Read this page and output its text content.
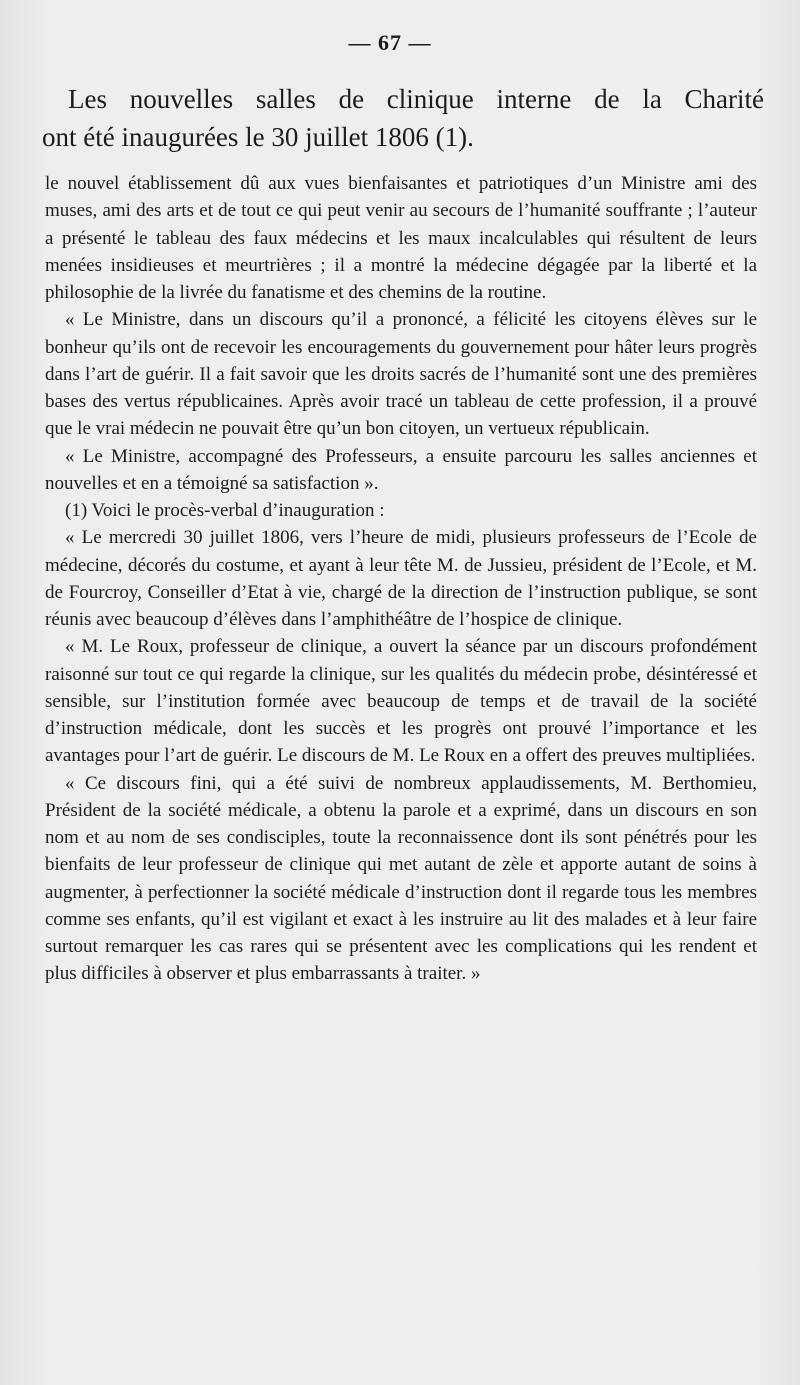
— 67 —
Les nouvelles salles de clinique interne de la Charité
ont été inaugurées le 30 juillet 1806 (1).

le nouvel établissement dû aux vues bienfaisantes et patriotiques d’un Ministre ami des muses, ami des arts et de tout ce qui peut venir au secours de l’humanité souffrante ; l’auteur a présenté le tableau des faux médecins et les maux incalculables qui résultent de leurs menées insidieuses et meurtrières ; il a montré la médecine dégagée par la liberté et la philosophie de la livrée du fanatisme et des chemins de la routine.

« Le Ministre, dans un discours qu’il a prononcé, a félicité les citoyens élèves sur le bonheur qu’ils ont de recevoir les encouragements du gouvernement pour hâter leurs progrès dans l’art de guérir. Il a fait savoir que les droits sacrés de l’humanité sont une des premières bases des vertus républicaines. Après avoir tracé un tableau de cette profession, il a prouvé que le vrai médecin ne pouvait être qu’un bon citoyen, un vertueux républicain.

« Le Ministre, accompagné des Professeurs, a ensuite parcouru les salles anciennes et nouvelles et en a témoigné sa satisfaction ».

(1) Voici le procès-verbal d’inauguration :

« Le mercredi 30 juillet 1806, vers l’heure de midi, plusieurs professeurs de l’Ecole de médecine, décorés du costume, et ayant à leur tête M. de Jussieu, président de l’Ecole, et M. de Fourcroy, Conseiller d’Etat à vie, chargé de la direction de l’instruction publique, se sont réunis avec beaucoup d’élèves dans l’amphithéâtre de l’hospice de clinique.

« M. Le Roux, professeur de clinique, a ouvert la séance par un discours profondément raisonné sur tout ce qui regarde la clinique, sur les qualités du médecin probe, désintéressé et sensible, sur l’institution formée avec beaucoup de temps et de travail de la société d’instruction médicale, dont les succès et les progrès ont prouvé l’importance et les avantages pour l’art de guérir. Le discours de M. Le Roux en a offert des preuves multipliées.

« Ce discours fini, qui a été suivi de nombreux applaudissements, M. Berthomieu, Président de la société médicale, a obtenu la parole et a exprimé, dans un discours en son nom et au nom de ses condisciples, toute la reconnaissence dont ils sont pénétrés pour les bienfaits de leur professeur de clinique qui met autant de zèle et apporte autant de soins à augmenter, à perfectionner la société médicale d’instruction dont il regarde tous les membres comme ses enfants, qu’il est vigilant et exact à les instruire au lit des malades et à leur faire surtout remarquer les cas rares qui se présentent avec les complications qui les rendent et plus difficiles à observer et plus embarrassants à traiter. »
